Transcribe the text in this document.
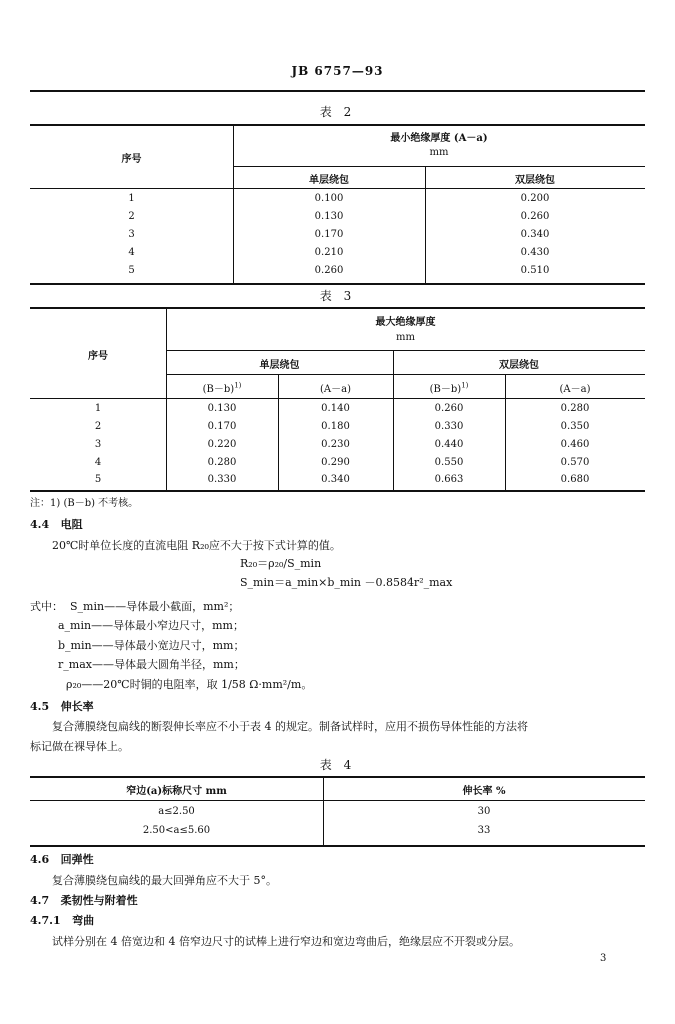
JB 6757—93
表 2
序号
最小绝缘厚度 (A－a)
mm
单层绕包	双层绕包
1	0.100	0.200
2	0.130	0.260
3	0.170	0.340
4	0.210	0.430
5	0.260	0.510
表 3
序号
最大绝缘厚度
mm
单层绕包	双层绕包
$(B-b)^{1)}$	(A－a)	$(B-b)^{1)}$	(A－a)
1	0.130	0.140	0.260	0.280
2	0.170	0.180	0.330	0.350
3	0.220	0.230	0.440	0.460
4	0.280	0.290	0.550	0.570
5	0.330	0.340	0.663	0.680
注：1) (B－b) 不考核。
4.4 电阻
20℃时单位长度的直流电阻 R₂₀应不大于按下式计算的值。
R₂₀＝ρ₂₀/S_min
S_min＝a_min×b_min －0.8584r²_max
式中： S_min——导体最小截面，mm²；
a_min——导体最小窄边尺寸，mm；
b_min——导体最小宽边尺寸，mm；
r_max——导体最大圆角半径，mm；
ρ₂₀——20℃时铜的电阻率，取 1/58 Ω·mm²/m。
4.5 伸长率
复合薄膜绕包扁线的断裂伸长率应不小于表 4 的规定。制备试样时，应用不损伤导体性能的方法将
标记做在裸导体上。
表 4
窄边(a)标称尺寸 mm	伸长率 %
a≤2.50	30
2.50<a≤5.60	33
4.6 回弹性
复合薄膜绕包扁线的最大回弹角应不大于 5°。
4.7 柔韧性与附着性
4.7.1 弯曲
试样分别在 4 倍宽边和 4 倍窄边尺寸的试棒上进行窄边和宽边弯曲后，绝缘层应不开裂或分层。
3
